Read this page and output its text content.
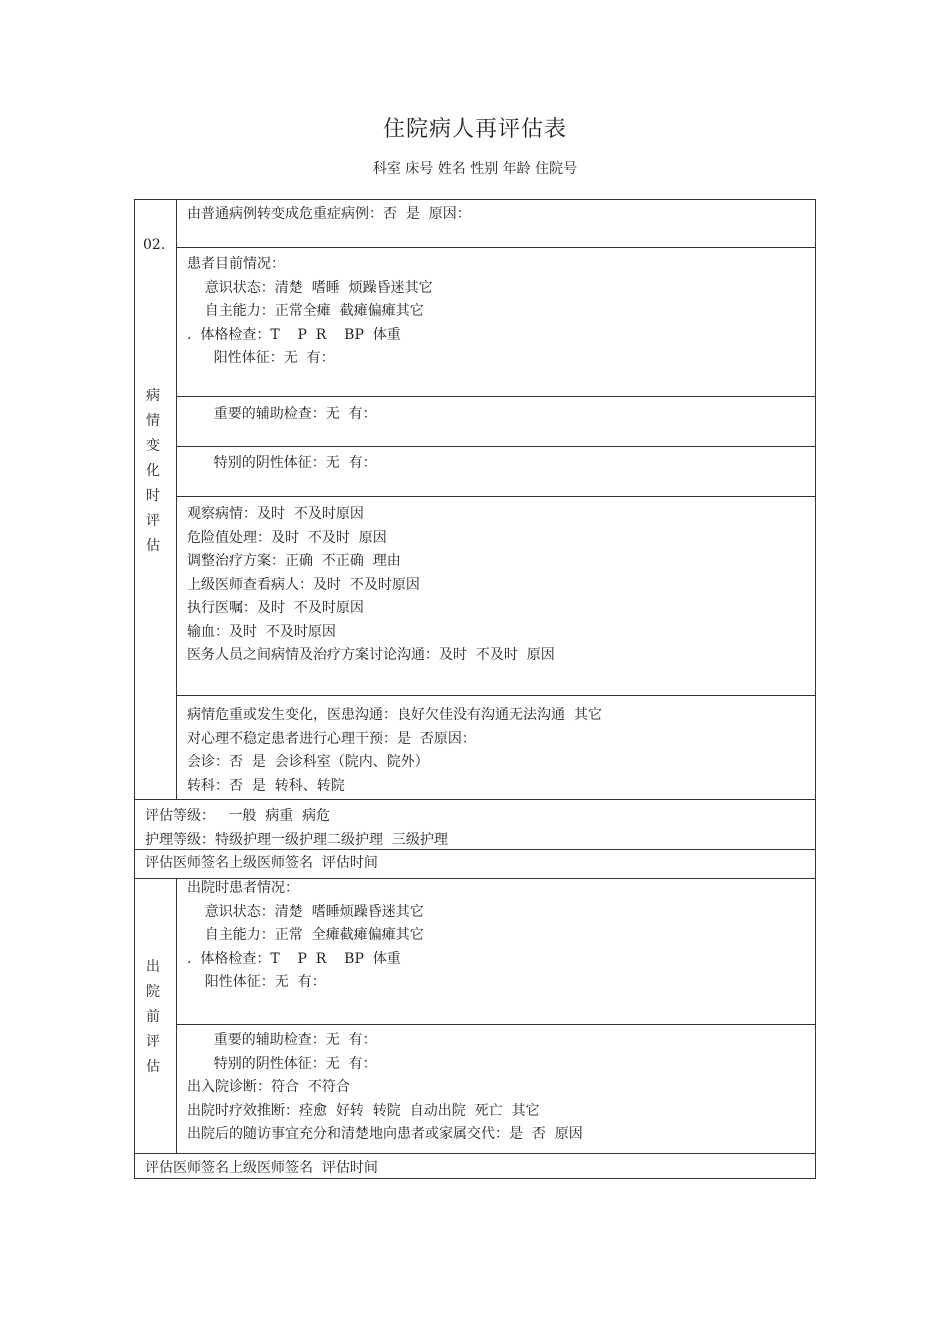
住院病人再评估表
科室 床号 姓名 性别 年龄 住院号
02.
病
情
变
化
时
评
估
由普通病例转变成危重症病例：否  是  原因：
患者目前情况：
意识状态：清楚  嗜睡  烦躁昏迷其它
自主能力：正常全瘫  截瘫偏瘫其它
.  体格检查：T    P  R    BP  体重
阳性体征：无  有：
重要的辅助检查：无  有：
特别的阴性体征：无  有：
观察病情：及时  不及时原因
危险值处理：及时  不及时  原因
调整治疗方案：正确  不正确  理由
上级医师查看病人：及时  不及时原因
执行医嘱：及时  不及时原因
输血：及时  不及时原因
医务人员之间病情及治疗方案讨论沟通：及时  不及时  原因
病情危重或发生变化，医患沟通：良好欠佳没有沟通无法沟通  其它
对心理不稳定患者进行心理干预：是  否原因：
会诊：否  是  会诊科室（院内、院外）
转科：否  是  转科、转院
评估等级：   一般  病重  病危
护理等级：特级护理一级护理二级护理  三级护理
评估医师签名上级医师签名  评估时间
出
院
前
评
估
出院时患者情况：
意识状态：清楚  嗜睡烦躁昏迷其它
自主能力：正常  全瘫截瘫偏瘫其它
.  体格检查：T    P  R    BP  体重
阳性体征：无  有：
重要的辅助检查：无  有：
特别的阴性体征：无  有：
出入院诊断：符合  不符合
出院时疗效推断：痊愈  好转  转院  自动出院  死亡  其它
出院后的随访事宜充分和清楚地向患者或家属交代：是  否  原因
评估医师签名上级医师签名  评估时间
